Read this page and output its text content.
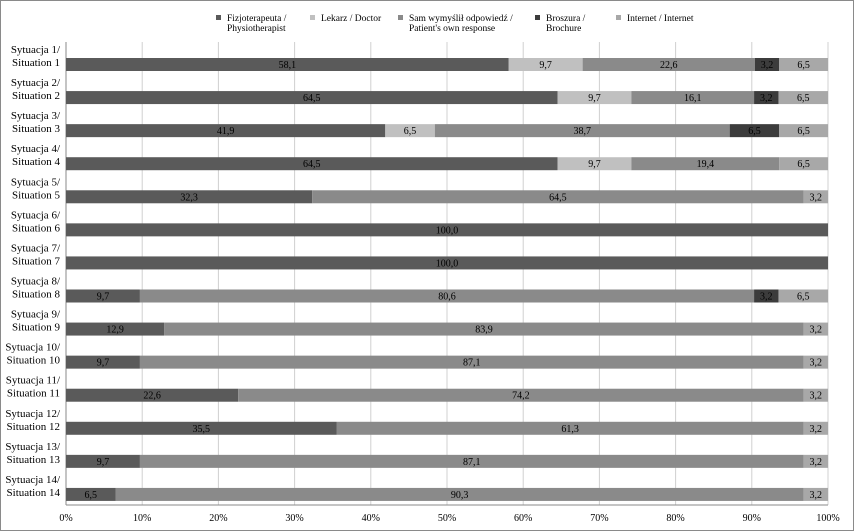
58,1	9,7	22,6	3,2 6,5
64,5	9,7	16,1	3,2 6,5
41,9	6,5	38,7	6,5	6,5
64,5	9,7	19,4	6,5
32,3	64,5	3,2
100,0
100,0
9,7	80,6	3,2 6,5
12,9	83,9	3,2
9,7	87,1	3,2
22,6	74,2	3,2
35,5	61,3	3,2
9,7	87,1	3,2
6,5	90,3	3,2
Sytuacja 1/
Situation 1
Sytuacja 2/
Situation 2
Sytuacja 3/
Situation 3
Sytuacja 4/
Situation 4
Sytuacja 5/
Situation 5
Sytuacja 6/
Situation 6
Sytuacja 7/
Situation 7
Sytuacja 8/
Situation 8
Sytuacja 9/
Situation 9
Sytuacja 10/
Situation 10
Sytuacja 11/
Situation 11
Sytuacja 12/
Situation 12
Sytuacja 13/
Situation 13
Sytuacja 14/
Situation 14
0%	10%	20%	30%	40%	50%	60%	70%	80%	90%	100%
Fizjoterapeuta /
Physiotherapist
Lekarz / Doctor	Sam wymyślił odpowiedź /
Patient's own response
Broszura /
Brochure
Internet / Internet
